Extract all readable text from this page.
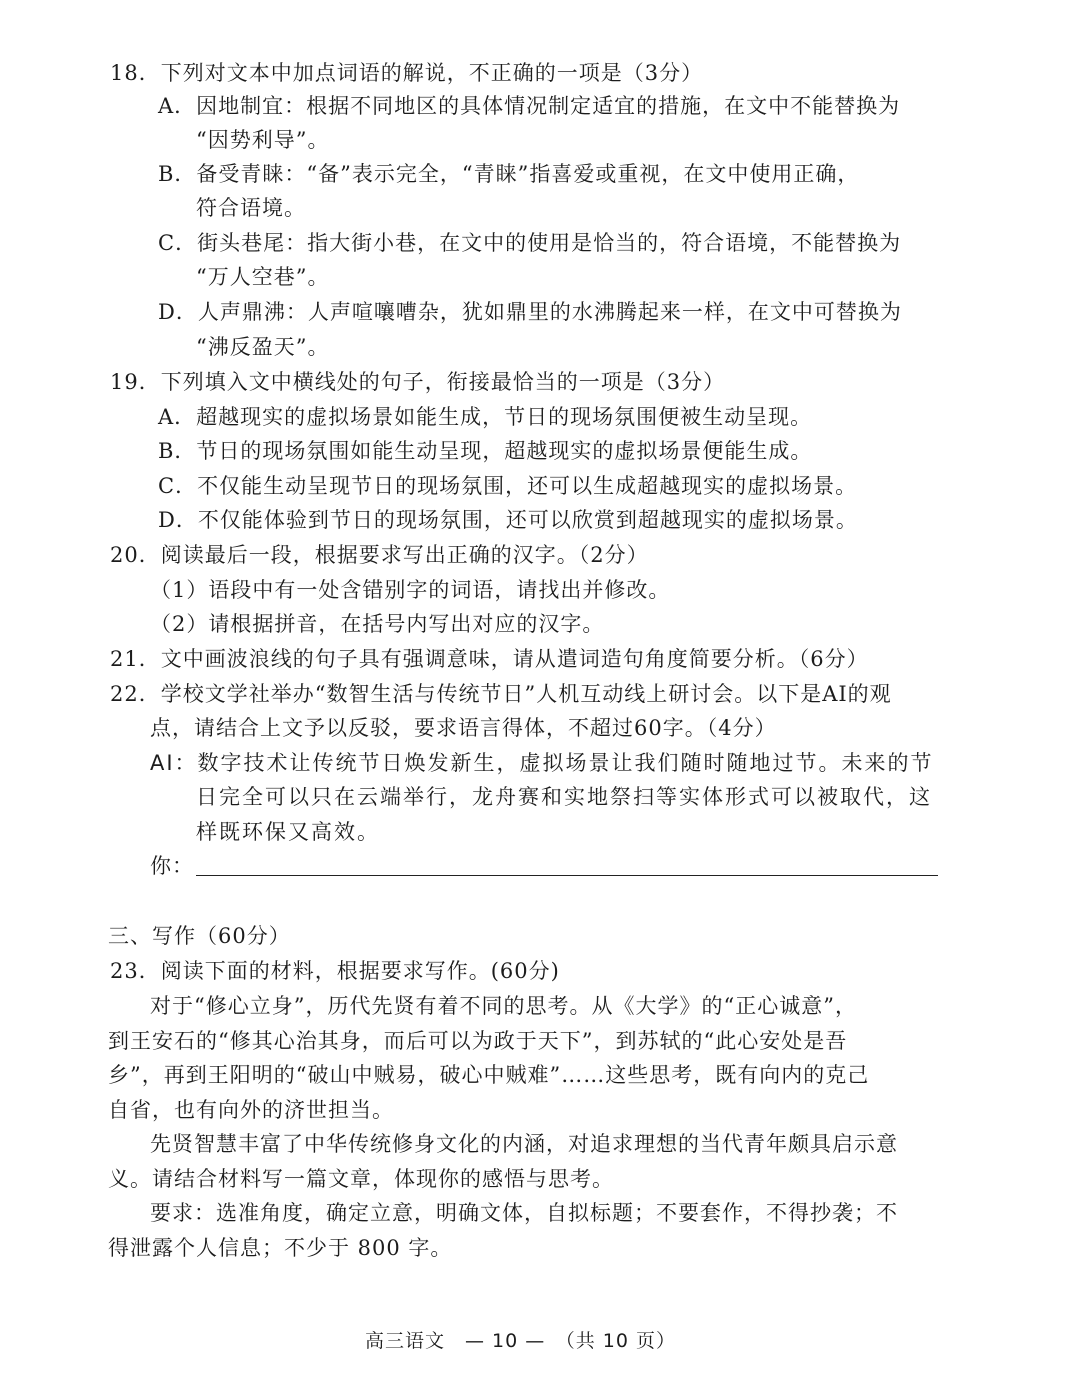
18．下列对文本中加点词语的解说，不正确的一项是（3分）
A．因地制宜：根据不同地区的具体情况制定适宜的措施，在文中不能替换为
“因势利导”。
B．备受青睐：“备”表示完全，“青睐”指喜爱或重视，在文中使用正确，
符合语境。
C．街头巷尾：指大街小巷，在文中的使用是恰当的，符合语境，不能替换为
“万人空巷”。
D．人声鼎沸：人声喧嚷嘈杂，犹如鼎里的水沸腾起来一样，在文中可替换为
“沸反盈天”。
19．下列填入文中横线处的句子，衔接最恰当的一项是（3分）
A．超越现实的虚拟场景如能生成，节日的现场氛围便被生动呈现。
B．节日的现场氛围如能生动呈现，超越现实的虚拟场景便能生成。
C．不仅能生动呈现节日的现场氛围，还可以生成超越现实的虚拟场景。
D．不仅能体验到节日的现场氛围，还可以欣赏到超越现实的虚拟场景。
20．阅读最后一段，根据要求写出正确的汉字。（2分）
（1）语段中有一处含错别字的词语，请找出并修改。
（2）请根据拼音，在括号内写出对应的汉字。
21．文中画波浪线的句子具有强调意味，请从遣词造句角度简要分析。（6分）
22．学校文学社举办“数智生活与传统节日”人机互动线上研讨会。以下是AI的观
点，请结合上文予以反驳，要求语言得体，不超过60字。（4分）
AI：数字技术让传统节日焕发新生，虚拟场景让我们随时随地过节。未来的节
日完全可以只在云端举行，龙舟赛和实地祭扫等实体形式可以被取代，这
样既环保又高效。
你：
三、写作（60分）
23．阅读下面的材料，根据要求写作。(60分)
对于“修心立身”，历代先贤有着不同的思考。从《大学》的“正心诚意”，
到王安石的“修其心治其身，而后可以为政于天下”，到苏轼的“此心安处是吾
乡”，再到王阳明的“破山中贼易，破心中贼难”……这些思考，既有向内的克己
自省，也有向外的济世担当。
先贤智慧丰富了中华传统修身文化的内涵，对追求理想的当代青年颇具启示意
义。请结合材料写一篇文章，体现你的感悟与思考。
要求：选准角度，确定立意，明确文体，自拟标题；不要套作，不得抄袭；不
得泄露个人信息；不少于 800 字。
高三语文　— 10 —　（共 10 页）
